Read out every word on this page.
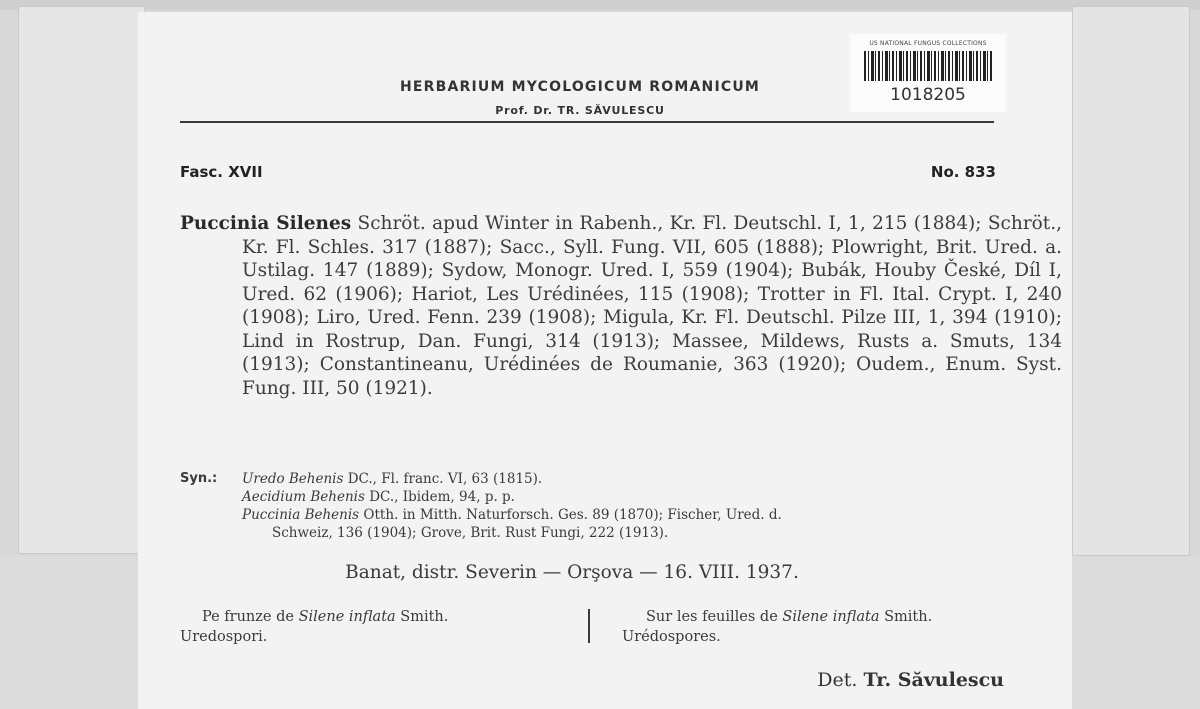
HERBARIUM MYCOLOGICUM ROMANICUM
Prof. Dr. TR. SĂVULESCU
US NATIONAL FUNGUS COLLECTIONS
1018205
Fasc. XVII	No. 833
Puccinia Silenes Schröt. apud Winter in Rabenh., Kr. Fl. Deutschl. I, 1, 215 (1884); Schröt., Kr. Fl. Schles. 317 (1887); Sacc., Syll. Fung. VII, 605 (1888); Plowright, Brit. Ured. a. Ustilag. 147 (1889); Sydow, Monogr. Ured. I, 559 (1904); Bubák, Houby České, Díl I, Ured. 62 (1906); Hariot, Les Urédinées, 115 (1908); Trotter in Fl. Ital. Crypt. I, 240 (1908); Liro, Ured. Fenn. 239 (1908); Migula, Kr. Fl. Deutschl. Pilze III, 1, 394 (1910); Lind in Rostrup, Dan. Fungi, 314 (1913); Massee, Mildews, Rusts a. Smuts, 134 (1913); Constantineanu, Urédinées de Roumanie, 363 (1920); Oudem., Enum. Syst. Fung. III, 50 (1921).
Syn.: Uredo Behenis DC., Fl. franc. VI, 63 (1815).
Aecidium Behenis DC., Ibidem, 94, p. p.
Puccinia Behenis Otth. in Mitth. Naturforsch. Ges. 89 (1870); Fischer, Ured. d.
Schweiz, 136 (1904); Grove, Brit. Rust Fungi, 222 (1913).
Banat, distr. Severin — Orşova — 16. VIII. 1937.
Pe frunze de Silene inflata Smith.
Uredospori.
Sur les feuilles de Silene inflata Smith.
Urédospores.
Det. Tr. Săvulescu
